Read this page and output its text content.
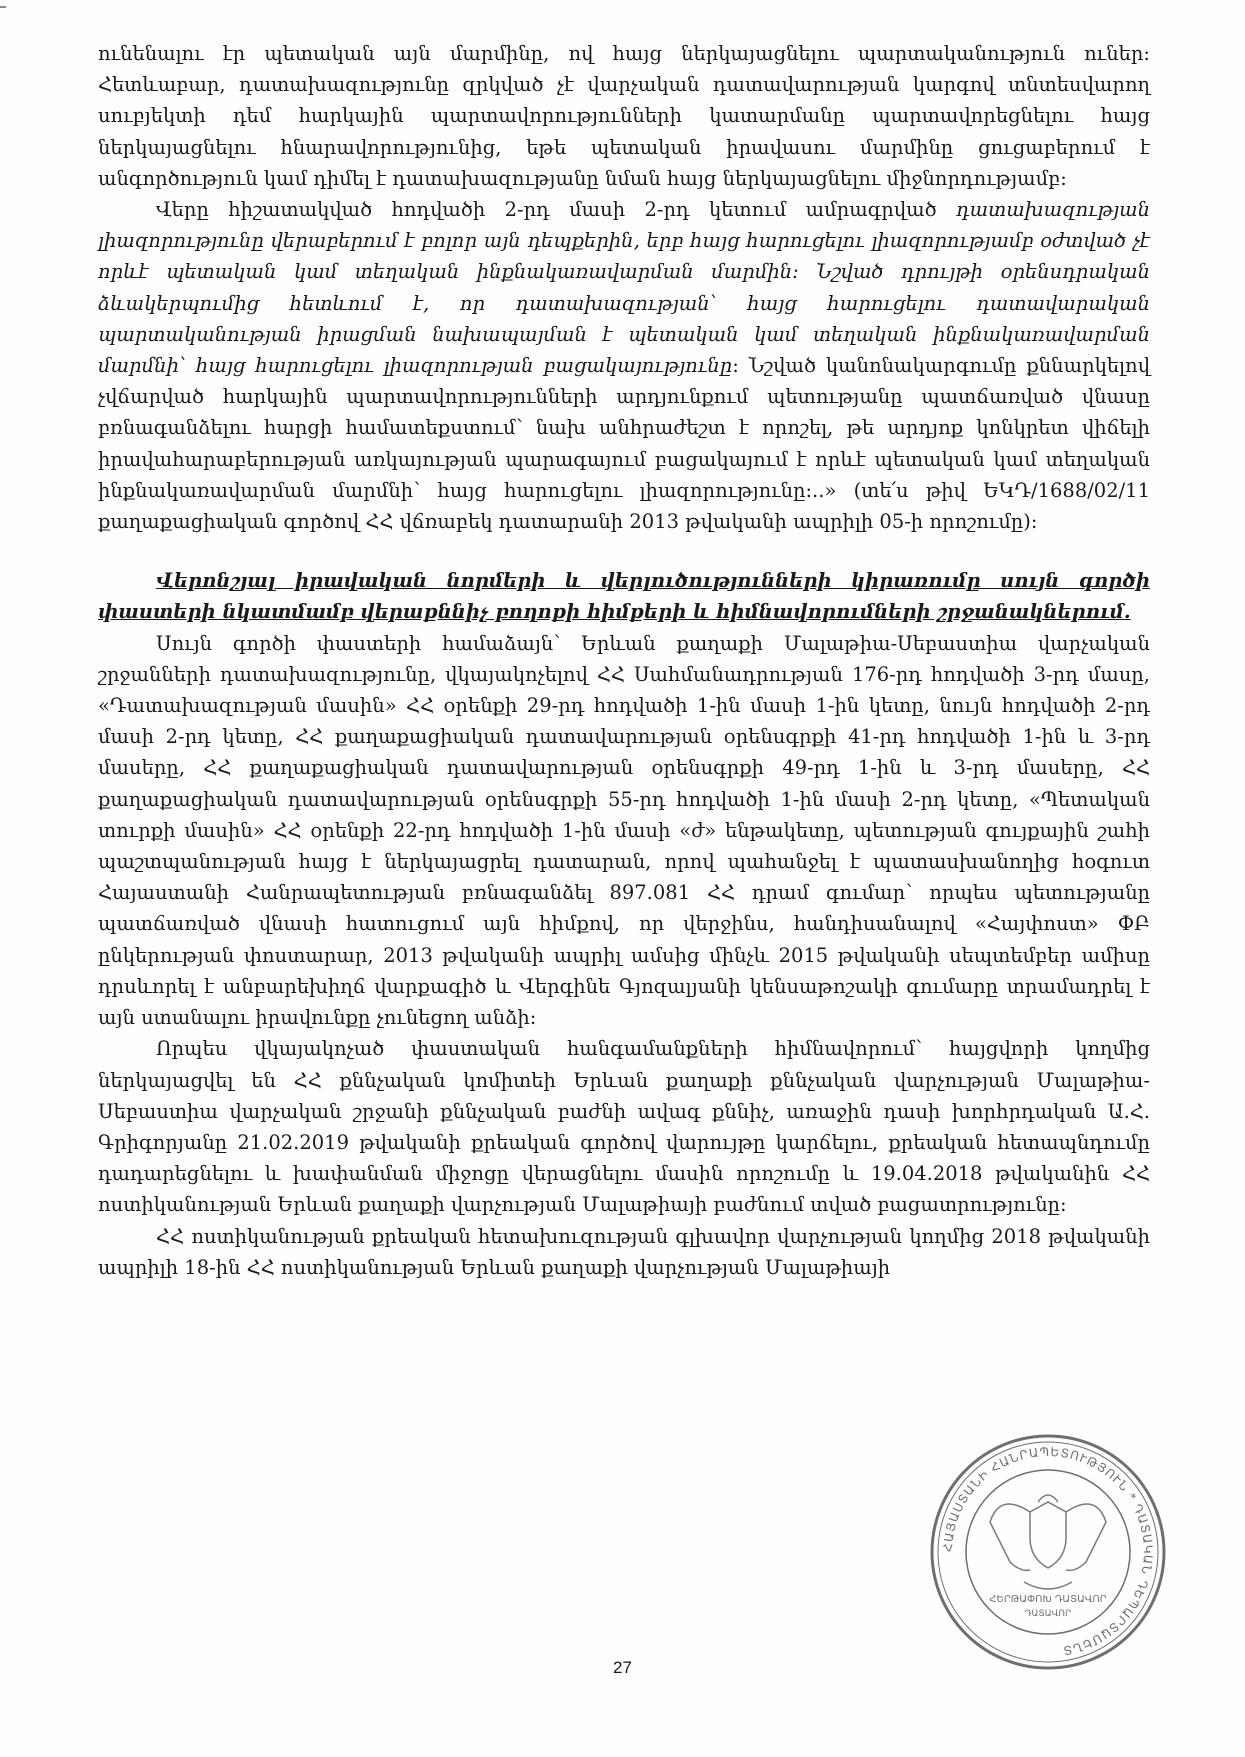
ունենալու էր պետական այն մարմինը, ով հայց ներկայացնելու պարտականություն ուներ: Հետևաբար, դատախազությունը զրկված չէ վարչական դատավարության կարգով տնտեսվարող սուբյեկտի դեմ հարկային պարտավորությունների կատարմանը պարտավորեցնելու հայց ներկայացնելու հնարավորությունից, եթե պետական իրավասու մարմինը ցուցաբերում է անգործություն կամ դիմել է դատախազությանը նման հայց ներկայացնելու միջնորդությամբ:

Վերը հիշատակված հոդվածի 2-րդ մասի 2-րդ կետում ամրագրված դատախազության լիազորությունը վերաբերում է բոլոր այն դեպքերին, երբ հայց հարուցելու լիազորությամբ օժտված չէ որևէ պետական կամ տեղական ինքնակառավարման մարմին: Նշված դրույթի օրենսդրական ձևակերպումից հետևում է, որ դատախազության՝ հայց հարուցելու դատավարական պարտականության իրացման նախապայման է պետական կամ տեղական ինքնակառավարման մարմնի՝ հայց հարուցելու լիազորության բացակայությունը: Նշված կանոնակարգումը քննարկելով չվճարված հարկային պարտավորությունների արդյունքում պետությանը պատճառված վնասը բռնագանձելու հարցի համատեքստում՝ նախ անհրաժեշտ է որոշել, թե արդյոք կոնկրետ վիճելի իրավահարաբերության առկայության պարագայում բացակայում է որևէ պետական կամ տեղական ինքնակառավարման մարմնի՝ հայց հարուցելու լիազորությունը:..» (տե՛ս թիվ ԵԿԴ/1688/02/11 քաղաքացիական գործով ՀՀ վճռաբեկ դատարանի 2013 թվականի ապրիլի 05-ի որոշումը):

Վերոնշյալ իրավական նորմերի և վերլուծությունների կիրառումը սույն գործի փաստերի նկատմամբ վերաքննիչ բողոքի հիմքերի և հիմնավորումների շրջանակներում.

Սույն գործի փաստերի համաձայն՝ Երևան քաղաքի Մալաթիա-Սեբաստիա վարչական շրջանների դատախազությունը, վկայակոչելով ՀՀ Սահմանադրության 176-րդ հոդվածի 3-րդ մասը, «Դատախազության մասին» ՀՀ օրենքի 29-րդ հոդվածի 1-ին մասի 1-ին կետը, նույն հոդվածի 2-րդ մասի 2-րդ կետը, ՀՀ քաղաքացիական դատավարության օրենսգրքի 41-րդ հոդվածի 1-ին և 3-րդ մասերը, ՀՀ քաղաքացիական դատավարության օրենսգրքի 49-րդ 1-ին և 3-րդ մասերը, ՀՀ քաղաքացիական դատավարության օրենսգրքի 55-րդ հոդվածի 1-ին մասի 2-րդ կետը, «Պետական տուրքի մասին» ՀՀ օրենքի 22-րդ հոդվածի 1-ին մասի «ժ» ենթակետը, պետության գույքային շահի պաշտպանության հայց է ներկայացրել դատարան, որով պահանջել է պատասխանողից հօգուտ Հայաստանի Հանրապետության բռնագանձել 897.081 ՀՀ դրամ գումար՝ որպես պետությանը պատճառված վնասի հատուցում այն հիմքով, որ վերջինս, հանդիսանալով «Հայփոստ» ՓԲ ընկերության փոստարար, 2013 թվականի ապրիլ ամսից մինչև 2015 թվականի սեպտեմբեր ամիսը դրսևորել է անբարեխիղճ վարքագիծ և Վերգինե Գյոզալյանի կենսաթոշակի գումարը տրամադրել է այն ստանալու իրավունքը չունեցող անձի:

Որպես վկայակոչած փաստական հանգամանքների հիմնավորում՝ հայցվորի կողմից ներկայացվել են ՀՀ քննչական կոմիտեի Երևան քաղաքի քննչական վարչության Մալաթիա-Սեբաստիա վարչական շրջանի քննչական բաժնի ավագ քննիչ, առաջին դասի խորհրդական Ա.Հ. Գրիգորյանը 21.02.2019 թվականի քրեական գործով վարույթը կարճելու, քրեական հետապնդումը դադարեցնելու և խափանման միջոցը վերացնելու մասին որոշումը և 19.04.2018 թվականին ՀՀ ոստիկանության Երևան քաղաքի վարչության Մալաթիայի բաժնում տված բացատրությունը:

ՀՀ ոստիկանության քրեական հետախուզության գլխավոր վարչության կողմից 2018 թվականի ապրիլի 18-ին ՀՀ ոստիկանության Երևան քաղաքի վարչության Մալաթիայի

ՀԱՅԱՍՏԱՆԻ ՀԱՆՐԱՊԵՏՈՒԹՅՈՒՆ * ԴԱՏԱԿԱՆ ԴԵՊԱՐՏԱՄԵՆՏ
ՀԵՐԹԱՓՈԽ ԴԱՏԱՎՈՐ
ԴԱՏԱՎՈՐ
27
